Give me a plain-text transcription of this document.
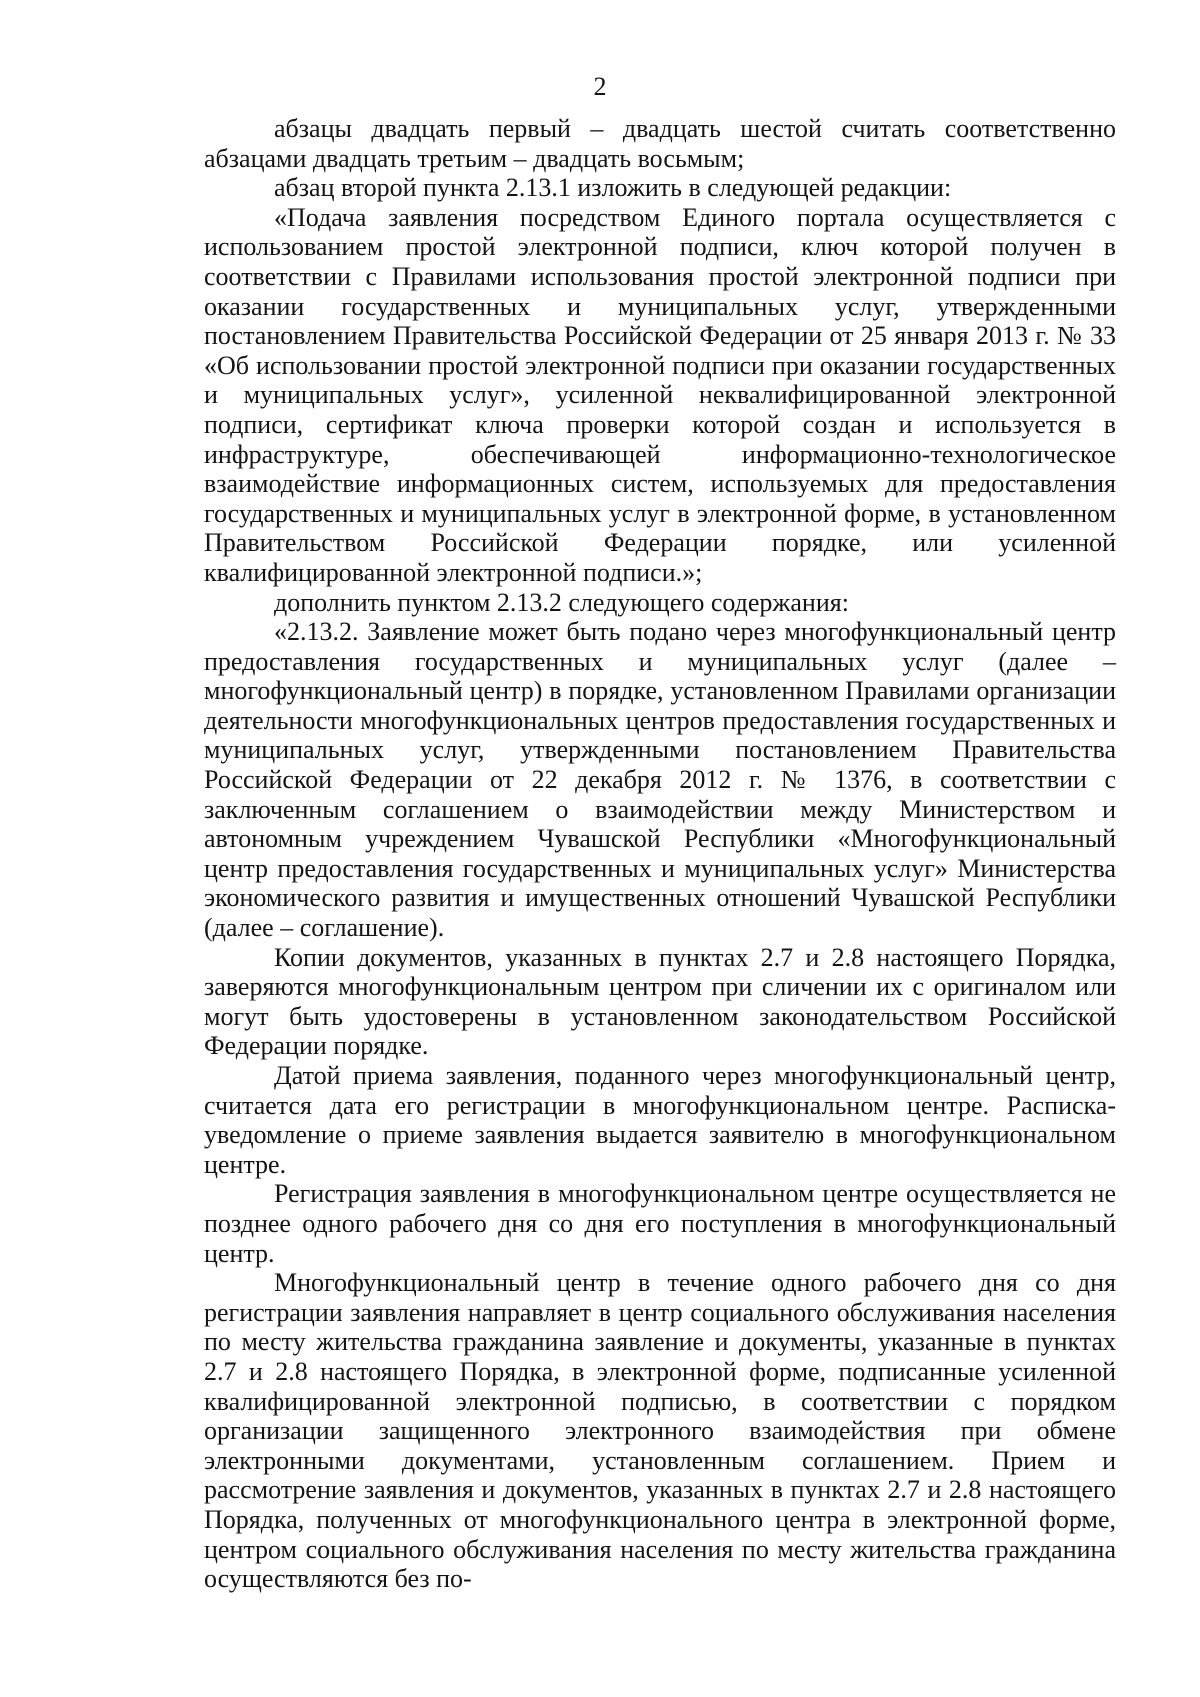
2

абзацы двадцать первый – двадцать шестой считать соответственно абзацами двадцать третьим – двадцать восьмым;

абзац второй пункта 2.13.1 изложить в следующей редакции:

«Подача заявления посредством Единого портала осуществляется с использованием простой электронной подписи, ключ которой получен в соответствии с Правилами использования простой электронной подписи при оказании государственных и муниципальных услуг, утвержденными постановлением Правительства Российской Федерации от 25 января 2013 г. № 33 «Об использовании простой электронной подписи при оказании государственных и муниципальных услуг», усиленной неквалифицированной электронной подписи, сертификат ключа проверки которой создан и используется в инфраструктуре, обеспечивающей информационно-технологическое взаимодействие информационных систем, используемых для предоставления государственных и муниципальных услуг в электронной форме, в установленном Правительством Российской Федерации порядке, или усиленной квалифицированной электронной подписи.»;

дополнить пунктом 2.13.2 следующего содержания:

«2.13.2. Заявление может быть подано через многофункциональный центр предоставления государственных и муниципальных услуг (далее – многофункциональный центр) в порядке, установленном Правилами организации деятельности многофункциональных центров предоставления государственных и муниципальных услуг, утвержденными постановлением Правительства Российской Федерации от 22 декабря 2012 г. № 1376, в соответствии с заключенным соглашением о взаимодействии между Министерством и автономным учреждением Чувашской Республики «Многофункциональный центр предоставления государственных и муниципальных услуг» Министерства экономического развития и имущественных отношений Чувашской Республики (далее – соглашение).

Копии документов, указанных в пунктах 2.7 и 2.8 настоящего Порядка, заверяются многофункциональным центром при сличении их с оригиналом или могут быть удостоверены в установленном законодательством Российской Федерации порядке.

Датой приема заявления, поданного через многофункциональный центр, считается дата его регистрации в многофункциональном центре. Расписка-уведомление о приеме заявления выдается заявителю в многофункциональном центре.

Регистрация заявления в многофункциональном центре осуществляется не позднее одного рабочего дня со дня его поступления в многофункциональный центр.

Многофункциональный центр в течение одного рабочего дня со дня регистрации заявления направляет в центр социального обслуживания населения по месту жительства гражданина заявление и документы, указанные в пунктах 2.7 и 2.8 настоящего Порядка, в электронной форме, подписанные усиленной квалифицированной электронной подписью, в соответствии с порядком организации защищенного электронного взаимодействия при обмене электронными документами, установленным соглашением. Прием и рассмотрение заявления и документов, указанных в пунктах 2.7 и 2.8 настоящего Порядка, полученных от многофункционального центра в электронной форме, центром социального обслуживания населения по месту жительства гражданина осуществляются без по-
